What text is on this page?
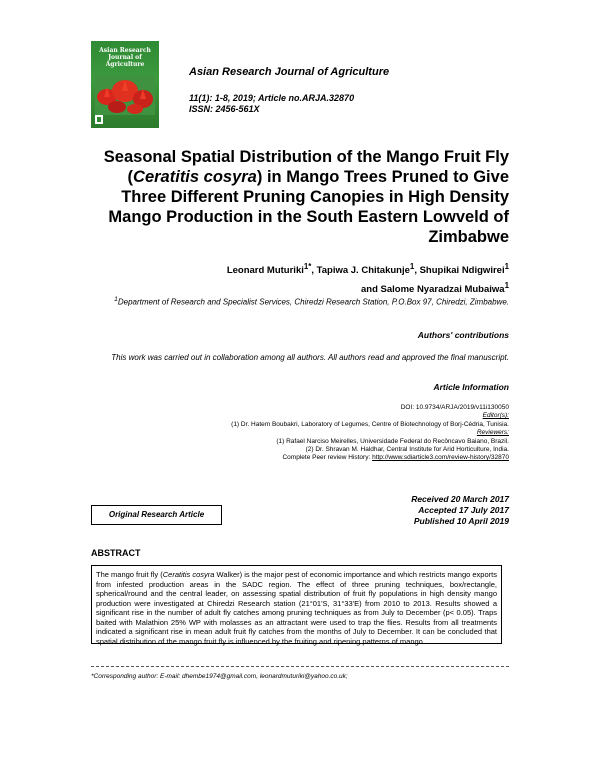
Asian Research
Journal of
Agriculture
Asian Research Journal of Agriculture
11(1): 1-8, 2019; Article no.ARJA.32870
ISSN: 2456-561X
Seasonal Spatial Distribution of the Mango Fruit Fly (Ceratitis cosyra) in Mango Trees Pruned to Give Three Different Pruning Canopies in High Density Mango Production in the South Eastern Lowveld of Zimbabwe
Leonard Muturiki$^{1*}$, Tapiwa J. Chitakunje$^1$, Shupikai Ndigwirei$^1$
and Salome Nyaradzai Mubaiwa$^1$
$^1$Department of Research and Specialist Services, Chiredzi Research Station, P.O.Box 97, Chiredzi, Zimbabwe.
Authors' contributions
This work was carried out in collaboration among all authors. All authors read and approved the final manuscript.
Article Information
DOI: 10.9734/ARJA/2019/v11i130050
Editor(s):
(1) Dr. Hatem Boubakri, Laboratory of Legumes, Centre of Biotechnology of Borj-Cédria, Tunisia.
Reviewers:
(1) Rafael Narciso Meirelles, Universidade Federal do Recôncavo Baiano, Brazil.
(2) Dr. Shravan M. Haldhar, Central Institute for Arid Horticulture, India.
Complete Peer review History: http://www.sdiarticle3.com/review-history/32870
Received 20 March 2017
Accepted 17 July 2017
Published 10 April 2019
Original Research Article
ABSTRACT
The mango fruit fly (Ceratitis cosyra Walker) is the major pest of economic importance and which restricts mango exports from infested production areas in the SADC region. The effect of three pruning techniques, box/rectangle, spherical/round and the central leader, on assessing spatial distribution of fruit fly populations in high density mango production were investigated at Chiredzi Research station (21°01'S, 31°33'E) from 2010 to 2013. Results showed a significant rise in the number of adult fly catches among pruning techniques as from July to December (p< 0.05). Traps baited with Malathion 25% WP with molasses as an attractant were used to trap the flies. Results from all treatments indicated a significant rise in mean adult fruit fly catches from the months of July to December. It can be concluded that spatial distribution of the mango fruit fly is influenced by the fruiting and ripening patterns of mango.
*Corresponding author: E-mail: dhembe1974@gmail.com, leonardmuturiki@yahoo.co.uk;
